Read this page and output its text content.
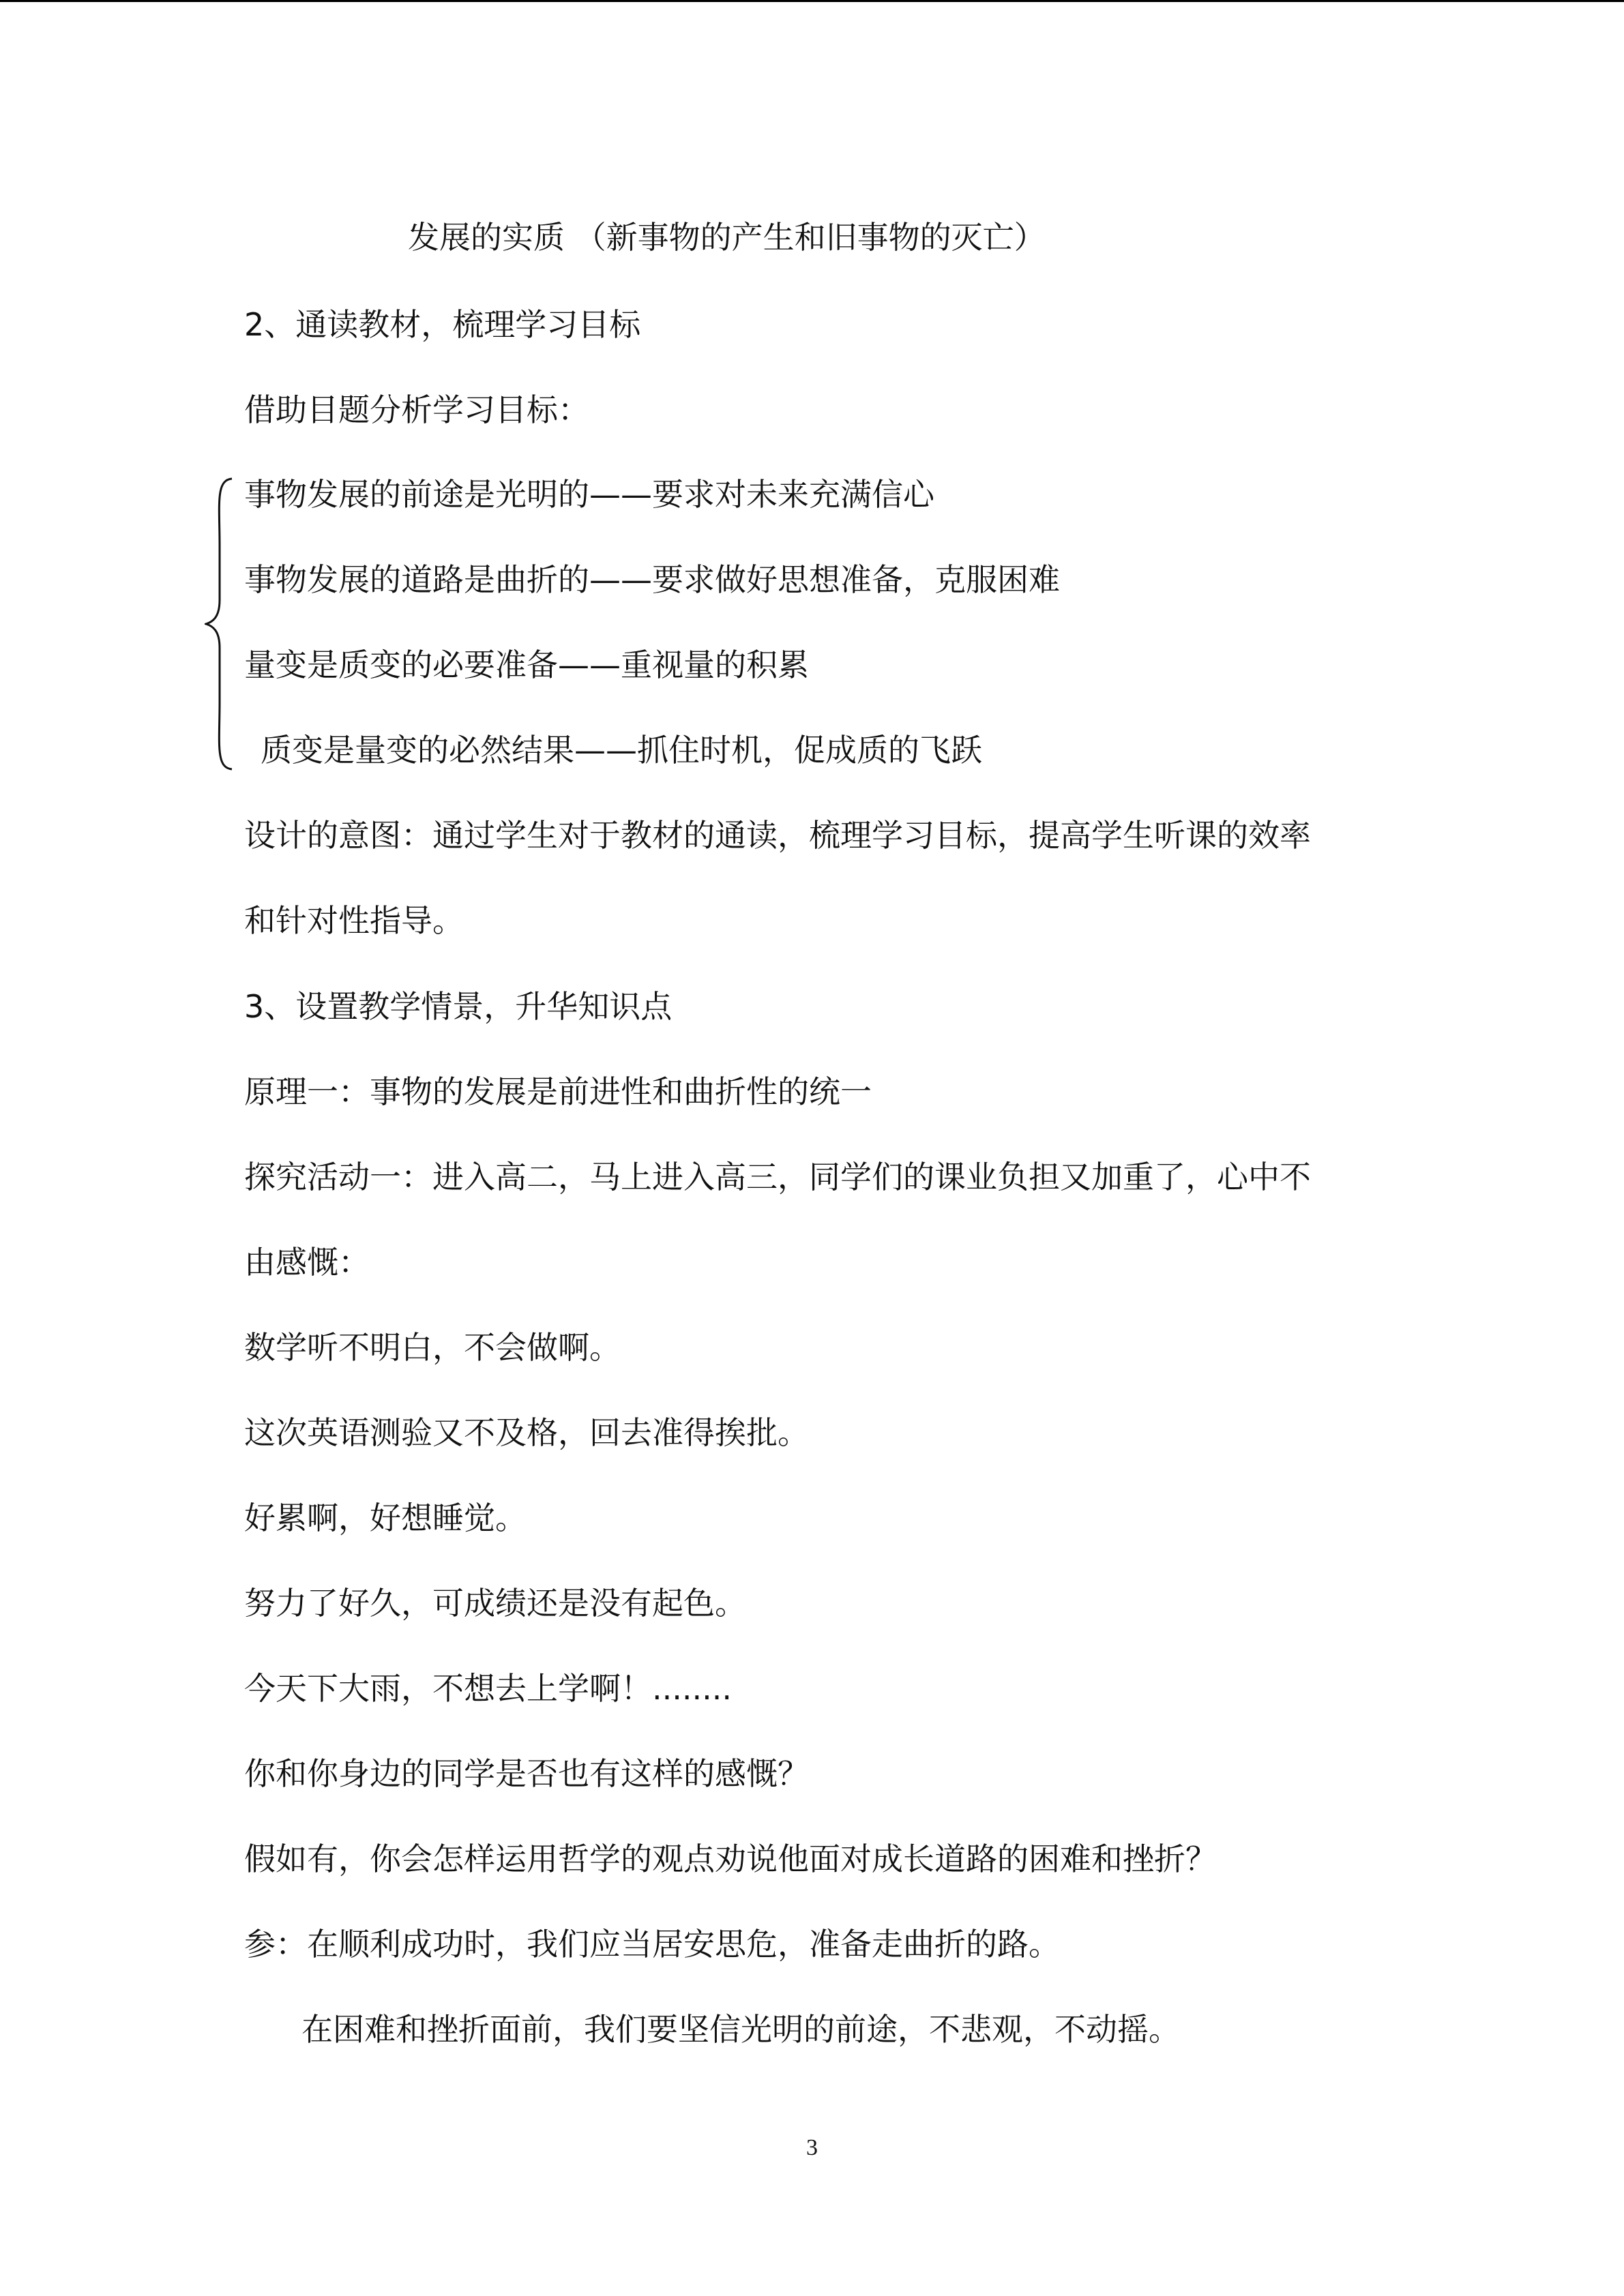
发展的实质 （新事物的产生和旧事物的灭亡）
2、通读教材，梳理学习目标
借助目题分析学习目标：
事物发展的前途是光明的——要求对未来充满信心
事物发展的道路是曲折的——要求做好思想准备，克服困难
量变是质变的必要准备——重视量的积累
质变是量变的必然结果——抓住时机，促成质的飞跃
设计的意图：通过学生对于教材的通读，梳理学习目标，提高学生听课的效率
和针对性指导。
3、设置教学情景，升华知识点
原理一：事物的发展是前进性和曲折性的统一
探究活动一：进入高二，马上进入高三，同学们的课业负担又加重了，心中不
由感慨：
数学听不明白，不会做啊。
这次英语测验又不及格，回去准得挨批。
好累啊，好想睡觉。
努力了好久，可成绩还是没有起色。
今天下大雨，不想去上学啊！........
你和你身边的同学是否也有这样的感慨？
假如有，你会怎样运用哲学的观点劝说他面对成长道路的困难和挫折？
参：在顺利成功时，我们应当居安思危，准备走曲折的路。
在困难和挫折面前，我们要坚信光明的前途，不悲观，不动摇。
3
